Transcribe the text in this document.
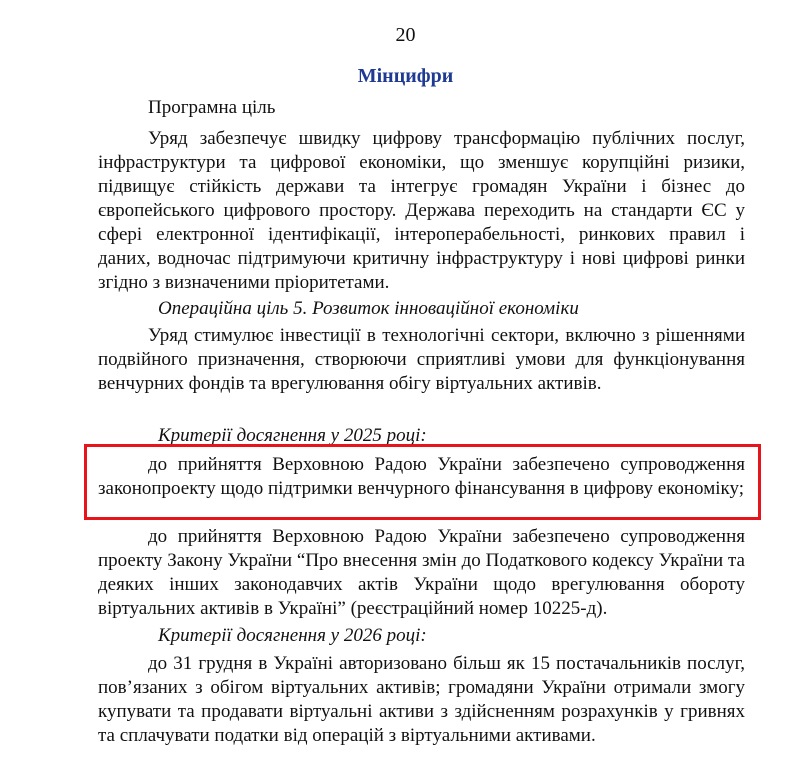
20
Мінцифри
Програмна ціль
Уряд забезпечує швидку цифрову трансформацію публічних послуг, інфраструктури та цифрової економіки, що зменшує корупційні ризики, підвищує стійкість держави та інтегрує громадян України і бізнес до європейського цифрового простору. Держава переходить на стандарти ЄС у сфері електронної ідентифікації, інтероперабельності, ринкових правил і даних, водночас підтримуючи критичну інфраструктуру і нові цифрові ринки згідно з визначеними пріоритетами.
Операційна ціль 5. Розвиток інноваційної економіки
Уряд стимулює інвестиції в технологічні сектори, включно з рішеннями подвійного призначення, створюючи сприятливі умови для функціонування венчурних фондів та врегулювання обігу віртуальних активів.
Критерії досягнення у 2025 році:
до прийняття Верховною Радою України забезпечено супроводження законопроекту щодо підтримки венчурного фінансування в цифрову економіку;
до прийняття Верховною Радою України забезпечено супроводження проекту Закону України “Про внесення змін до Податкового кодексу України та деяких інших законодавчих актів України щодо врегулювання обороту віртуальних активів в Україні” (реєстраційний номер 10225-д).
Критерії досягнення у 2026 році:
до 31 грудня в Україні авторизовано більш як 15 постачальників послуг, пов’язаних з обігом віртуальних активів; громадяни України отримали змогу купувати та продавати віртуальні активи з здійсненням розрахунків у гривнях та сплачувати податки від операцій з віртуальними активами.
